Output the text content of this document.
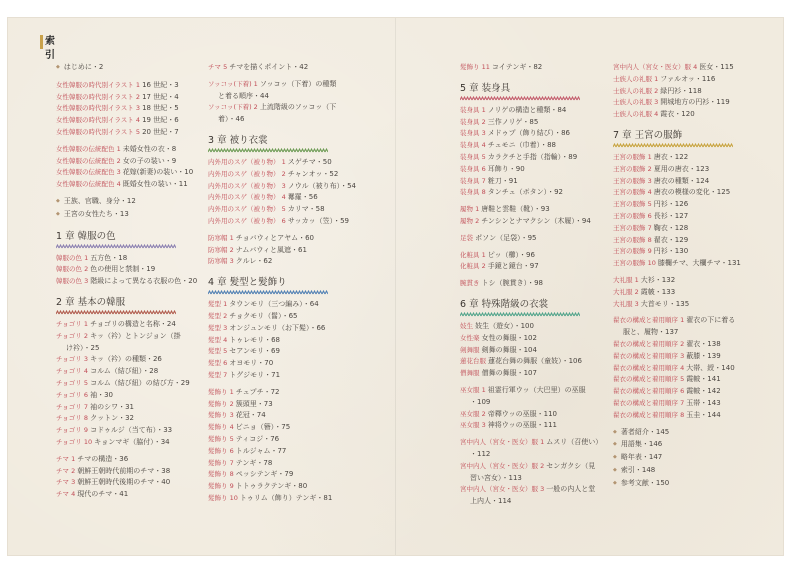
索引
◆ はじめに・2
女性韓服の時代別イラスト 1 16 世紀・3
女性韓服の時代別イラスト 2 17 世紀・4
女性韓服の時代別イラスト 3 18 世紀・5
女性韓服の時代別イラスト 4 19 世紀・6
女性韓服の時代別イラスト 5 20 世紀・7
女性韓服の伝統配色 1 未婚女性の衣・8
女性韓服の伝統配色 2 女の子の装い・9
女性韓服の伝統配色 3 花嫁(新妻)の装い・10
女性韓服の伝統配色 4 既婚女性の装い・11
◆ 王族、官職、身分・12
◆ 王宮の女性たち・13
1 章 韓服の色
韓服の色 1 五方色・18
韓服の色 2 色の使用と禁制・19
韓服の色 3 階級によって異なる衣服の色・20
2 章 基本の韓服
チョゴリ 1 チョゴリの構造と名称・24
チョゴリ 2 キッ（衿）とトンジョン（掛
け衿）・25
チョゴリ 3 キッ（衿）の種類・26
チョゴリ 4 コルム（結び紐）・28
チョゴリ 5 コルム（結び紐）の結び方・29
チョゴリ 6 袖・30
チョゴリ 7 袖のシワ・31
チョゴリ 8 クットン・32
チョゴリ 9 コドゥルジ（当て布）・33
チョゴリ 10 キョンマギ（脇付）・34
チマ 1 チマの構造・36
チマ 2 朝鮮王朝時代前期のチマ・38
チマ 3 朝鮮王朝時代後期のチマ・40
チマ 4 現代のチマ・41
チマ 5 チマを描くポイント・42
ソッコッ(下着) 1 ソッコッ（下着）の種類
と着る順序・44
ソッコッ(下着) 2 上流階級のソッコッ（下
着）・46
3 章 被り衣裳
内外用のスゲ（被り物） 1 スゲチマ・50
内外用のスゲ（被り物） 2 チャンオッ・52
内外用のスゲ（被り物） 3 ノウル（被り布）・54
内外用のスゲ（被り物） 4 羃羅・56
内外用のスゲ（被り物） 5 カリマ・58
内外用のスゲ（被り物） 6 サッカッ（笠）・59
防寒帽 1 チョバウィとアヤム・60
防寒帽 2 ナムバウィと風遮・61
防寒帽 3 クルレ・62
4 章 髪型と髪飾り
髪型 1 タウンモリ（三つ編み）・64
髪型 2 チョクモリ（髷）・65
髪型 3 オンジュンモリ（お下髪）・66
髪型 4 トゥレモリ・68
髪型 5 セアンモリ・69
髪型 6 オヨモリ・70
髪型 7 トグジモリ・71
髪飾り 1 チュプチ・72
髪飾り 2 簇頭里・73
髪飾り 3 花冠・74
髪飾り 4 ビニョ（簪）・75
髪飾り 5 ティコジ・76
髪飾り 6 トルジャム・77
髪飾り 7 テンギ・78
髪飾り 8 ペッシテンギ・79
髪飾り 9 トトゥラクテンギ・80
髪飾り 10 トゥリム（飾り）テンギ・81
髪飾り 11 コイテンギ・82
5 章 装身具
装身具 1 ノリゲの構造と種類・84
装身具 2 三作ノリゲ・85
装身具 3 メドゥプ（飾り結び）・86
装身具 4 チュモニ（巾着）・88
装身具 5 カラクチと手指（指輪）・89
装身具 6 耳飾り・90
装身具 7 粧刀・91
装身具 8 タンチュ（ボタン）・92
履物 1 唐鞋と雲鞋（靴）・93
履物 2 チンシンとナマクシン（木履）・94
足袋 ポソン（足袋）・95
化粧具 1 ピッ（櫛）・96
化粧具 2 手鏡と鏡台・97
腕貫き トシ（腕貫き）・98
6 章 特殊階級の衣裳
妓生 妓生（遊女）・100
女性楽 女性の舞服・102
剣舞服 剣舞の舞服・104
蓮花台服 蓮花台舞の舞服（童妓）・106
僧舞服 僧舞の舞服・107
巫女服 1 祖霊行軍ウッ（大巴里）の巫服
・109
巫女服 2 帝釋ウッの巫服・110
巫女服 3 神将ウッの巫服・111
宮中内人（宮女・医女）服 1 ムスリ（召使い）
・112
宮中内人（宮女・医女）服 2 センガクシ（見
習い宮女）・113
宮中内人（宮女・医女）服 3 一般の内人と堂
上内人・114
宮中内人（宮女・医女）服 4 医女・115
士族人の礼服 1 ファルオッ・116
士族人の礼服 2 緑円衫・118
士族人の礼服 3 開城地方の円衫・119
士族人の礼服 4 霞衣・120
7 章 王宮の服飾
王宮の服飾 1 唐衣・122
王宮の服飾 2 夏用の唐衣・123
王宮の服飾 3 唐衣の種類・124
王宮の服飾 4 唐衣の模様の変化・125
王宮の服飾 5 円衫・126
王宮の服飾 6 長衫・127
王宮の服飾 7 鞠衣・128
王宮の服飾 8 翟衣・129
王宮の服飾 9 円衫・130
王宮の服飾 10 膝欄チマ、大欄チマ・131
大礼服 1 大衫・132
大礼服 2 霞帔・133
大礼服 3 大首モリ・135
翟衣の構成と着用順序 1 翟衣の下に着る
服と、履物・137
翟衣の構成と着用順序 2 翟衣・138
翟衣の構成と着用順序 3 蔽膝・139
翟衣の構成と着用順序 4 大帯、綬・140
翟衣の構成と着用順序 5 霞帔・141
翟衣の構成と着用順序 6 霞帔・142
翟衣の構成と着用順序 7 玉帯・143
翟衣の構成と着用順序 8 玉圭・144
◆ 著者紹介・145
◆ 用語集・146
◆ 略年表・147
◆ 索引・148
◆ 参考文献・150
